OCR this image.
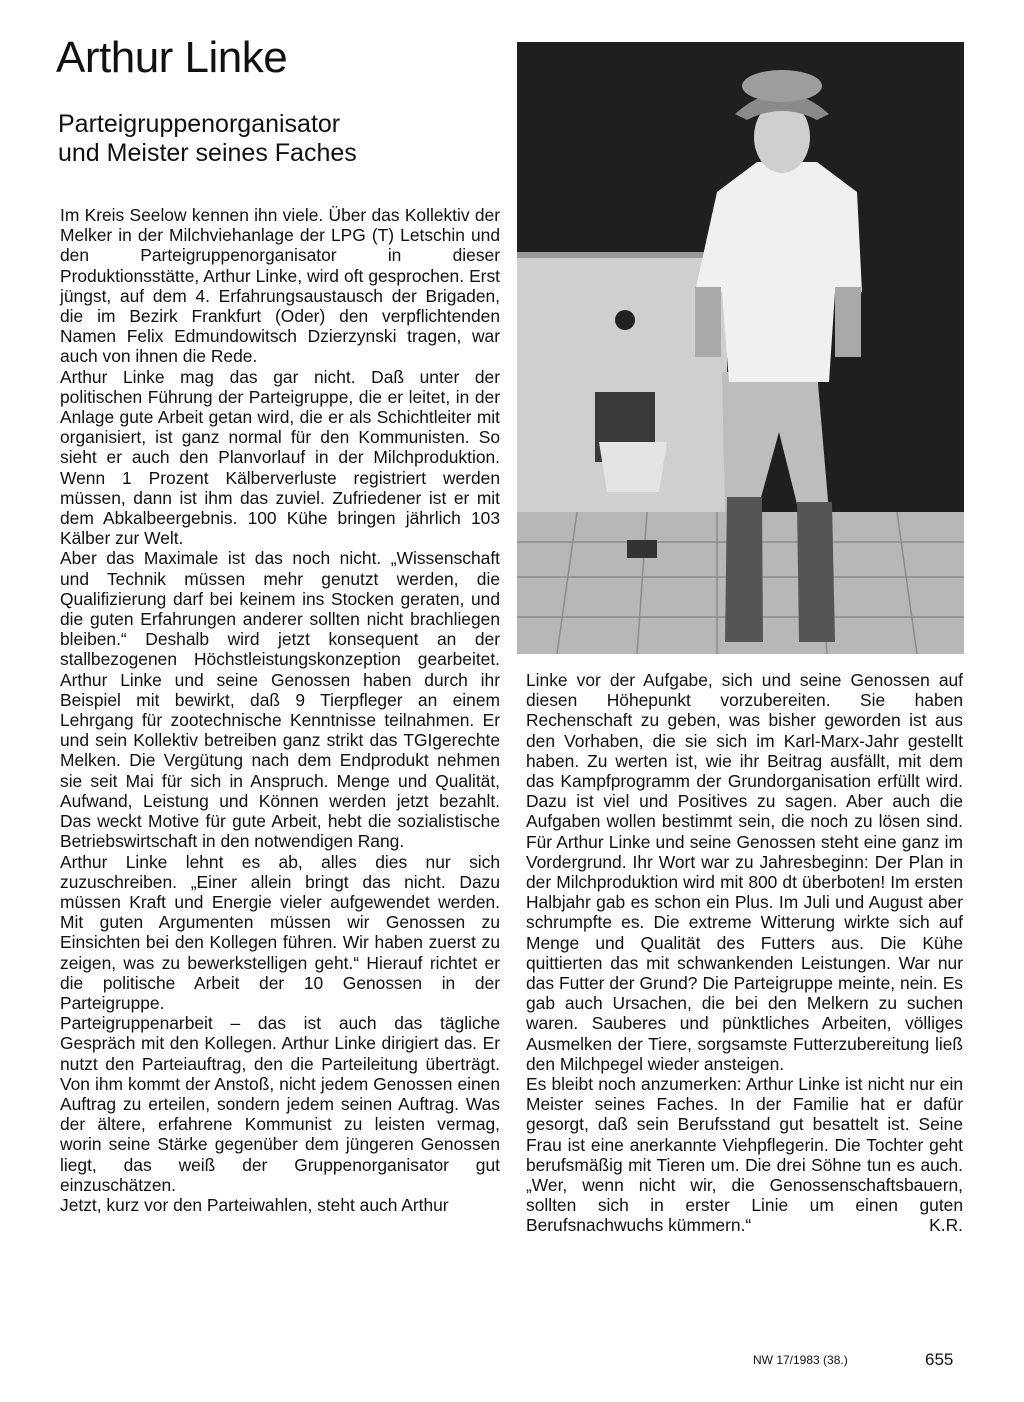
Arthur Linke
Parteigruppenorganisator
und Meister seines Faches

Im Kreis Seelow kennen ihn viele. Über das Kollektiv der Melker in der Milchviehanlage der LPG (T) Letschin und den Parteigruppenorganisator in dieser Produktionsstätte, Arthur Linke, wird oft gesprochen. Erst jüngst, auf dem 4. Erfahrungsaustausch der Brigaden, die im Bezirk Frankfurt (Oder) den verpflichtenden Namen Felix Edmundowitsch Dzierzynski tragen, war auch von ihnen die Rede.

Arthur Linke mag das gar nicht. Daß unter der politischen Führung der Parteigruppe, die er leitet, in der Anlage gute Arbeit getan wird, die er als Schichtleiter mit organisiert, ist ganz normal für den Kommunisten. So sieht er auch den Planvorlauf in der Milchproduktion. Wenn 1 Prozent Kälberverluste registriert werden müssen, dann ist ihm das zuviel. Zufriedener ist er mit dem Abkalbeergebnis. 100 Kühe bringen jährlich 103 Kälber zur Welt.

Aber das Maximale ist das noch nicht. „Wissenschaft und Technik müssen mehr genutzt werden, die Qualifizierung darf bei keinem ins Stocken geraten, und die guten Erfahrungen anderer sollten nicht brachliegen bleiben.“ Deshalb wird jetzt konsequent an der stallbezogenen Höchstleistungskonzeption gearbeitet. Arthur Linke und seine Genossen haben durch ihr Beispiel mit bewirkt, daß 9 Tierpfleger an einem Lehrgang für zootechnische Kenntnisse teilnahmen. Er und sein Kollektiv betreiben ganz strikt das TGIgerechte Melken. Die Vergütung nach dem Endprodukt nehmen sie seit Mai für sich in Anspruch. Menge und Qualität, Aufwand, Leistung und Können werden jetzt bezahlt. Das weckt Motive für gute Arbeit, hebt die sozialistische Betriebswirtschaft in den notwendigen Rang.

Arthur Linke lehnt es ab, alles dies nur sich zuzuschreiben. „Einer allein bringt das nicht. Dazu müssen Kraft und Energie vieler aufgewendet werden. Mit guten Argumenten müssen wir Genossen zu Einsichten bei den Kollegen führen. Wir haben zuerst zu zeigen, was zu bewerkstelligen geht.“ Hierauf richtet er die politische Arbeit der 10 Genossen in der Parteigruppe.

Parteigruppenarbeit – das ist auch das tägliche Gespräch mit den Kollegen. Arthur Linke dirigiert das. Er nutzt den Parteiauftrag, den die Parteileitung überträgt. Von ihm kommt der Anstoß, nicht jedem Genossen einen Auftrag zu erteilen, sondern jedem seinen Auftrag. Was der ältere, erfahrene Kommunist zu leisten vermag, worin seine Stärke gegenüber dem jüngeren Genossen liegt, das weiß der Gruppenorganisator gut einzuschätzen.

Jetzt, kurz vor den Parteiwahlen, steht auch Arthur

Linke vor der Aufgabe, sich und seine Genossen auf diesen Höhepunkt vorzubereiten. Sie haben Rechenschaft zu geben, was bisher geworden ist aus den Vorhaben, die sie sich im Karl-Marx-Jahr gestellt haben. Zu werten ist, wie ihr Beitrag ausfällt, mit dem das Kampfprogramm der Grundorganisation erfüllt wird. Dazu ist viel und Positives zu sagen. Aber auch die Aufgaben wollen bestimmt sein, die noch zu lösen sind. Für Arthur Linke und seine Genossen steht eine ganz im Vordergrund. Ihr Wort war zu Jahresbeginn: Der Plan in der Milchproduktion wird mit 800 dt überboten! Im ersten Halbjahr gab es schon ein Plus. Im Juli und August aber schrumpfte es. Die extreme Witterung wirkte sich auf Menge und Qualität des Futters aus. Die Kühe quittierten das mit schwankenden Leistungen. War nur das Futter der Grund? Die Parteigruppe meinte, nein. Es gab auch Ursachen, die bei den Melkern zu suchen waren. Sauberes und pünktliches Arbeiten, völliges Ausmelken der Tiere, sorgsamste Futterzubereitung ließ den Milchpegel wieder ansteigen.

Es bleibt noch anzumerken: Arthur Linke ist nicht nur ein Meister seines Faches. In der Familie hat er dafür gesorgt, daß sein Berufsstand gut besattelt ist. Seine Frau ist eine anerkannte Viehpflegerin. Die Tochter geht berufsmäßig mit Tieren um. Die drei Söhne tun es auch. „Wer, wenn nicht wir, die Genossenschaftsbauern, sollten sich in erster Linie um einen guten Berufsnachwuchs kümmern.“	K.R.

NW 17/1983 (38.)	655
